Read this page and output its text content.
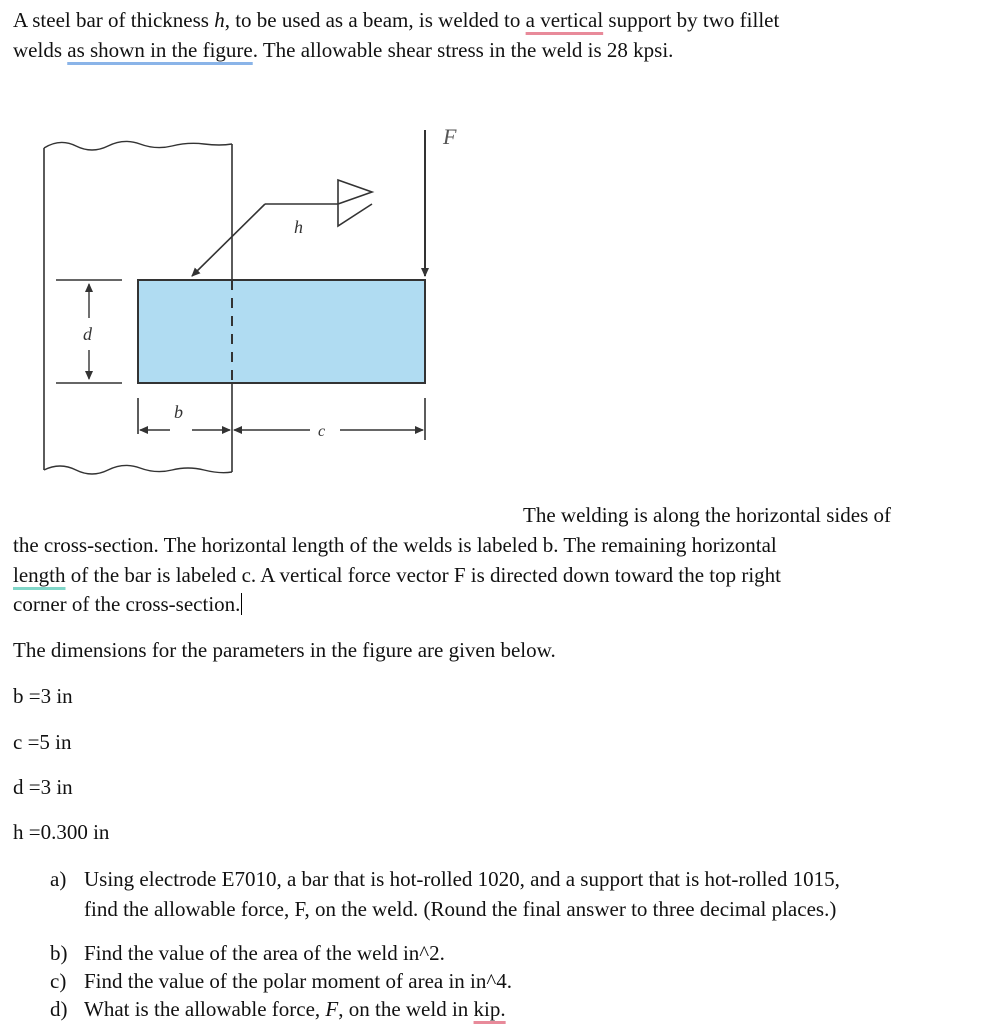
A steel bar of thickness h, to be used as a beam, is welded to a vertical support by two fillet
welds as shown in the figure. The allowable shear stress in the weld is 28 kpsi.
h
F
d
b
c
The welding is along the horizontal sides of
the cross-section. The horizontal length of the welds is labeled b. The remaining horizontal
length of the bar is labeled c. A vertical force vector F is directed down toward the top right
corner of the cross-section.
The dimensions for the parameters in the figure are given below.
b =3 in
c =5 in
d =3 in
h =0.300 in
a) Using electrode E7010, a bar that is hot-rolled 1020, and a support that is hot-rolled 1015,
find the allowable force, F, on the weld. (Round the final answer to three decimal places.)
b) Find the value of the area of the weld in^2.
c) Find the value of the polar moment of area in in^4.
d) What is the allowable force, F, on the weld in kip.
